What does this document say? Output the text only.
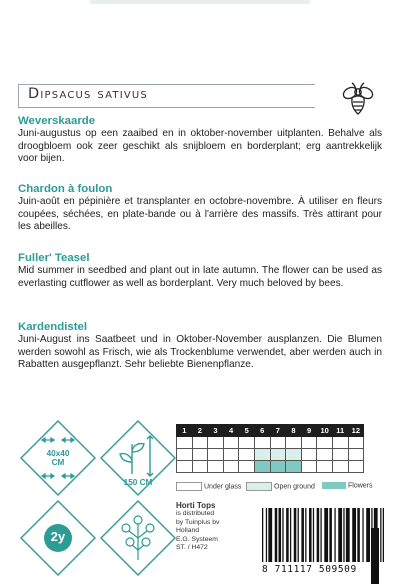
Dipsacus sativus
Weverskaarde

Juni-augustus op een zaaibed en in oktober-november uitplanten. Behalve als droogbloem ook zeer geschikt als snijbloem en borderplant; erg aantrekkelijk voor bijen.

Chardon à foulon

Juin-août en pépinière et transplanter en octobre-novembre. À utiliser en fleurs coupées, séchées, en plate-bande ou à l'arrière des massifs. Très attirant pour les abeilles.

Fuller' Teasel

Mid summer in seedbed and plant out in late autumn. The flower can be used as everlasting cutflower as well as borderplant. Very much beloved by bees.

Kardendistel

Juni-August ins Saatbeet und in Oktober-November ausplanzen. Die Blumen werden sowohl as Frisch, wie als Trockenblume verwendet, aber werden auch in Rabatten ausgepflanzt. Sehr beliebte Bienenpflanze.

40x40
CM
150 CM
2y
1	2	3	4	5	6	7	8	9	10	11	12

Under glass	Open ground	Flowers
Horti Tops
is distributed
by Tuinplus bv
Holland
E.G. Systeem
ST. / H472
8 711117 509509
